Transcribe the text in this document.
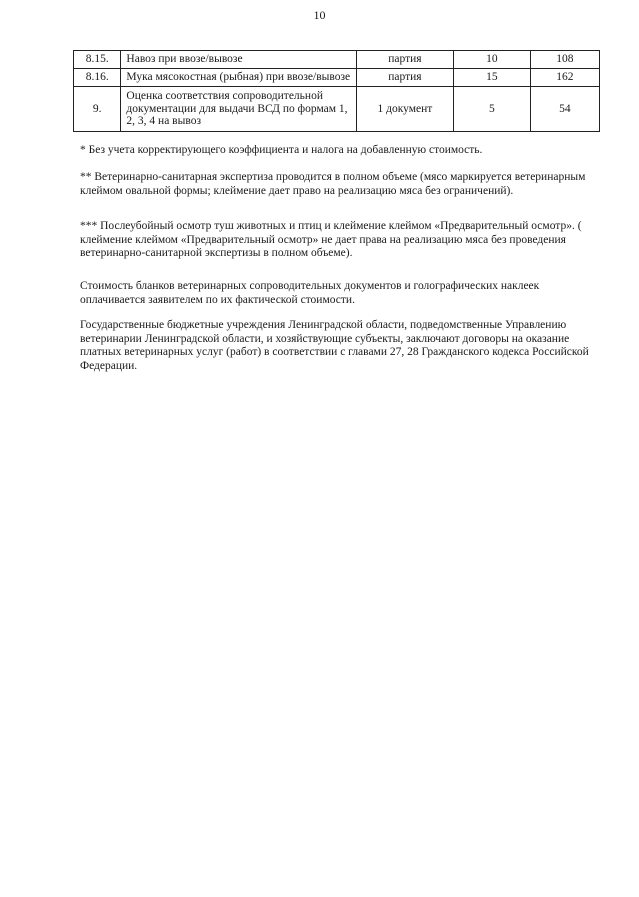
10
8.15.	Навоз при ввозе/вывозе	партия	10	108
8.16.	Мука мясокостная (рыбная) при ввозе/вывозе	партия	15	162
9.	Оценка соответствия сопроводительной документации для выдачи ВСД по формам 1, 2, 3, 4 на вывоз	1 документ	5	54

* Без учета корректирующего коэффициента и налога на добавленную стоимость.

** Ветеринарно-санитарная экспертиза проводится в полном объеме (мясо маркируется ветеринарным клеймом овальной формы; клеймение дает право на реализацию мяса без ограничений).

*** Послеубойный осмотр туш животных и птиц и клеймение клеймом «Предварительный осмотр». ( клеймение клеймом «Предварительный осмотр» не дает права на реализацию мяса без проведения ветеринарно-санитарной экспертизы в полном объеме).

Стоимость бланков ветеринарных сопроводительных документов и голографических наклеек оплачивается заявителем по их фактической стоимости.

Государственные бюджетные учреждения Ленинградской области, подведомственные Управлению ветеринарии Ленинградской области, и хозяйствующие субъекты, заключают договоры на оказание платных ветеринарных услуг (работ) в соответствии с главами 27, 28 Гражданского кодекса Российской Федерации.
